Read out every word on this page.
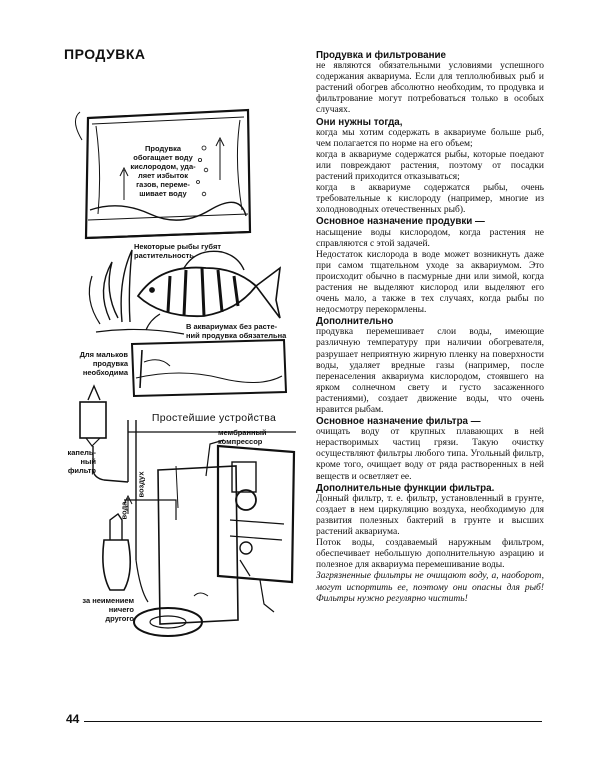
ПРОДУВКА
Продувка
обогащает воду
кислородом, уда-
ляет избыток
газов, переме-
шивает воду
Некоторые рыбы губят
растительность
В аквариумах без расте-
ний продувка обязательна
Для мальков
продувка
необходима
Простейшие устройства
мембранный
компрессор
капель-
ный
фильтр
вода
воздух
за неимением
ничего
другого

Продувка и фильтрование

не являются обязательными условиями успешного содержания аквариума. Если для теплолюбивых рыб и растений обогрев абсолютно необходим, то продувка и фильтрование могут потребоваться только в особых случаях.

Они нужны тогда,

когда мы хотим содержать в аквариуме больше рыб, чем полагается по норме на его объем;

когда в аквариуме содержатся рыбы, которые поедают или повреждают растения, поэтому от посадки растений приходится отказываться;

когда в аквариуме содержатся рыбы, очень требовательные к кислороду (например, многие из холодноводных отечественных рыб).

Основное назначение продувки —

насыщение воды кислородом, когда растения не справляются с этой задачей.

Недостаток кислорода в воде может возникнуть даже при самом тщательном уходе за аквариумом. Это происходит обычно в пасмурные дни или зимой, когда растения не выделяют кислород или выделяют его очень мало, а также в тех случаях, когда рыбы по недосмотру перекормлены.

Дополнительно

продувка перемешивает слои воды, имеющие различную температуру при наличии обогревателя, разрушает неприятную жирную пленку на поверхности воды, удаляет вредные газы (например, после перенаселения аквариума кислородом, стоявшего на ярком солнечном свету и густо засаженного растениями), создает движение воды, что очень нравится рыбам.

Основное назначение фильтра —

очищать воду от крупных плавающих в ней нерастворимых частиц грязи. Такую очистку осуществляют фильтры любого типа. Угольный фильтр, кроме того, очищает воду от ряда растворенных в ней веществ и осветляет ее.

Дополнительные функции фильтра.

Донный фильтр, т. е. фильтр, установленный в грунте, создает в нем циркуляцию воздуха, необходимую для развития полезных бактерий в грунте и высших растений аквариума.

Поток воды, создаваемый наружным фильтром, обеспечивает небольшую дополнительную аэрацию и полезное для аквариума перемешивание воды.

Загрязненные фильтры не очищают воду, а, наоборот, могут испортить ее, поэтому они опасны для рыб! Фильтры нужно регулярно чистить!

44
